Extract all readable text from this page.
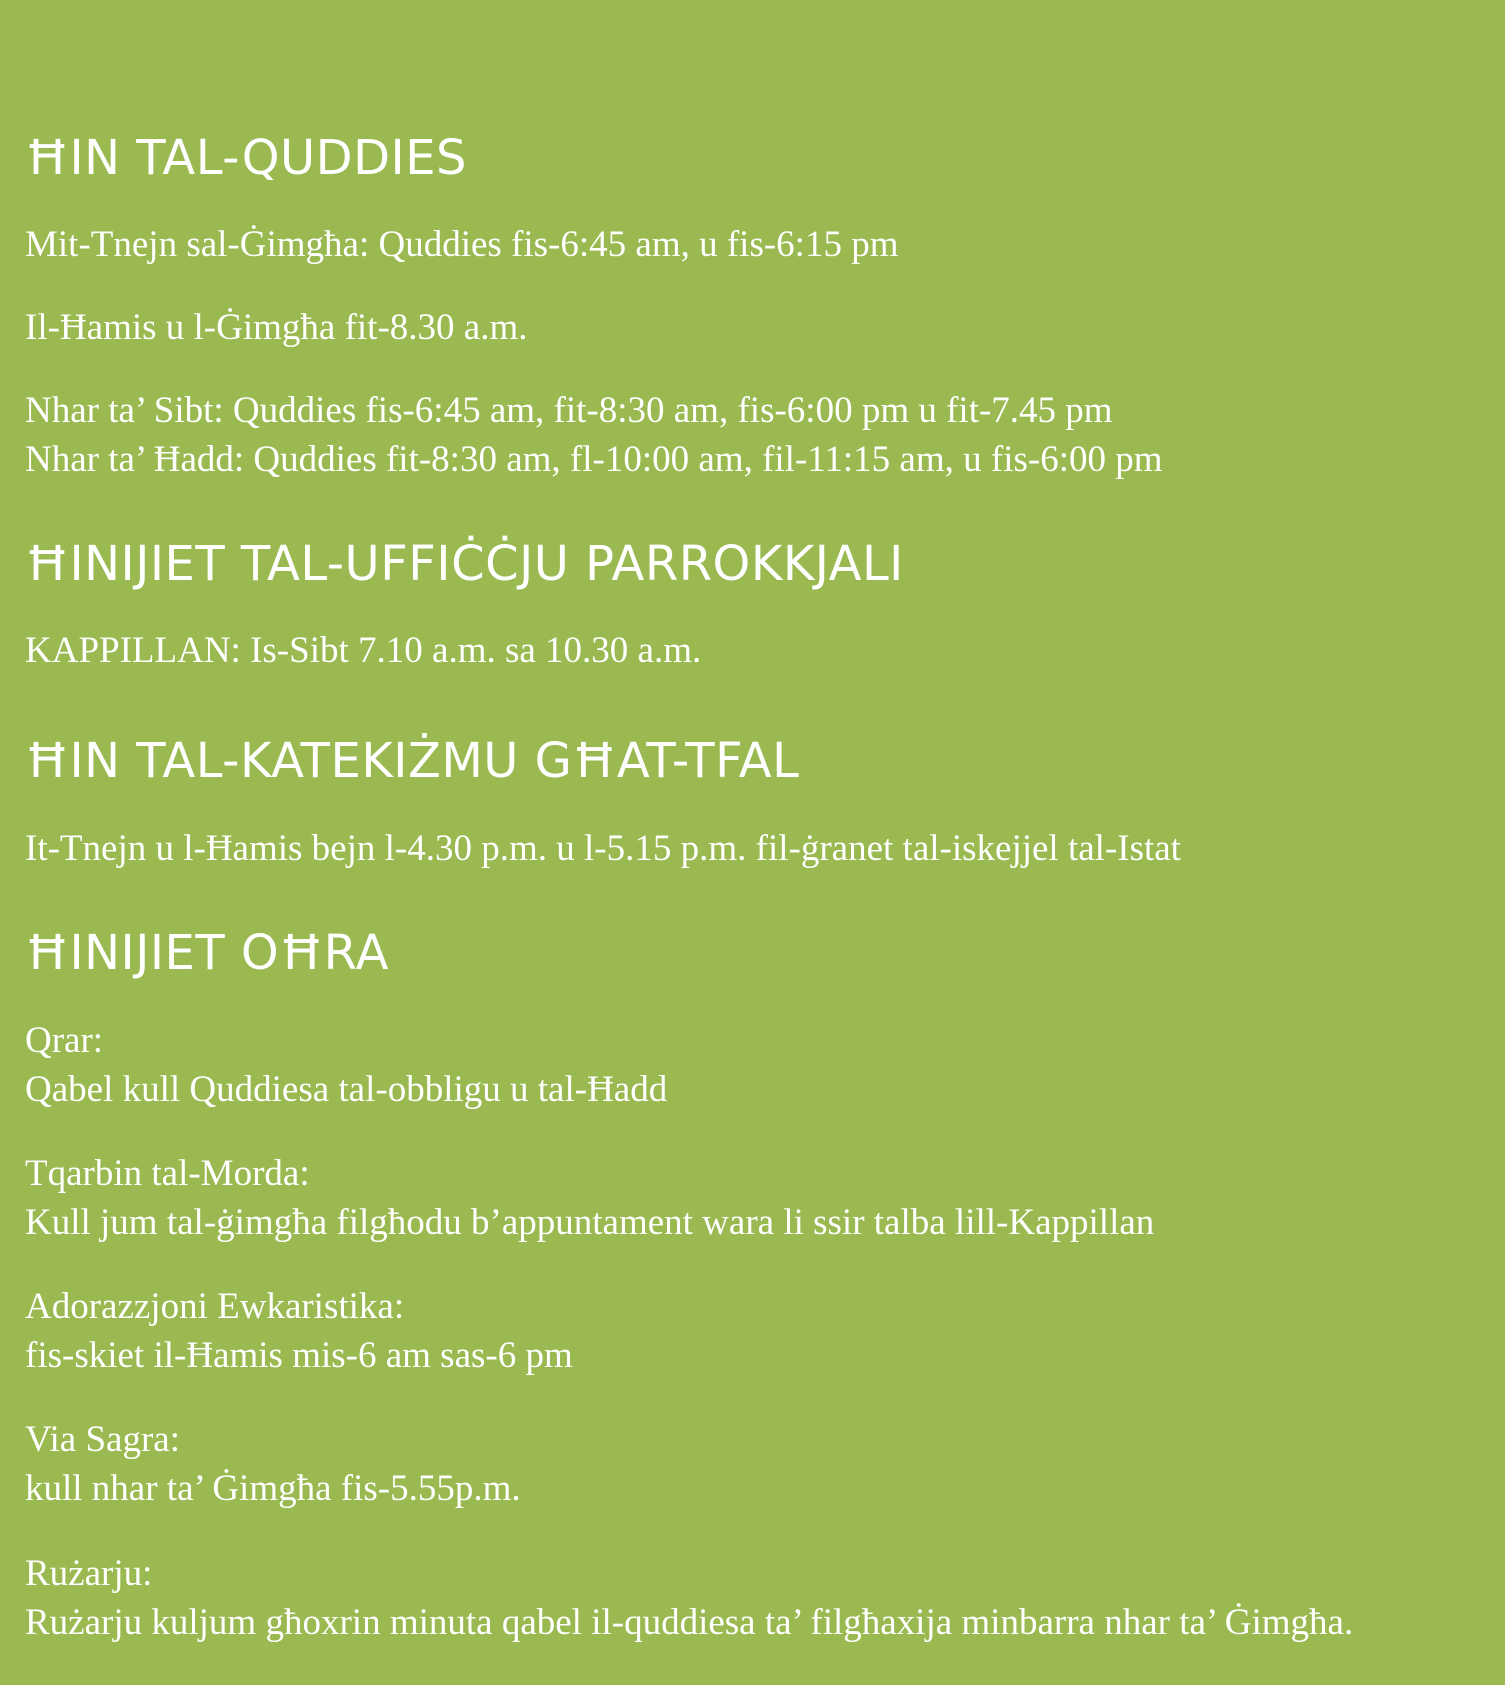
ĦIN TAL-QUDDIES

Mit-Tnejn sal-Ġimgħa: Quddies fis-6:45 am, u fis-6:15 pm

Il-Ħamis u l-Ġimgħa fit-8.30 a.m.

Nhar ta’ Sibt: Quddies fis-6:45 am, fit-8:30 am, fis-6:00 pm u fit-7.45 pm

Nhar ta’ Ħadd: Quddies fit-8:30 am, fl-10:00 am, fil-11:15 am, u fis-6:00 pm

ĦINIJIET TAL-UFFIĊĊJU PARROKKJALI

KAPPILLAN: Is-Sibt 7.10 a.m. sa 10.30 a.m.

ĦIN TAL-KATEKIŻMU GĦAT-TFAL

It-Tnejn u l-Ħamis bejn l-4.30 p.m. u l-5.15 p.m. fil-ġranet tal-iskejjel tal-Istat

ĦINIJIET OĦRA

Qrar:

Qabel kull Quddiesa tal-obbligu u tal-Ħadd

Tqarbin tal-Morda:

Kull jum tal-ġimgħa filgħodu b’appuntament wara li ssir talba lill-Kappillan

Adorazzjoni Ewkaristika:

fis-skiet il-Ħamis mis-6 am sas-6 pm

Via Sagra:

kull nhar ta’ Ġimgħa fis-5.55p.m.

Rużarju:

Rużarju kuljum għoxrin minuta qabel il-quddiesa ta’ filgħaxija minbarra nhar ta’ Ġimgħa.
